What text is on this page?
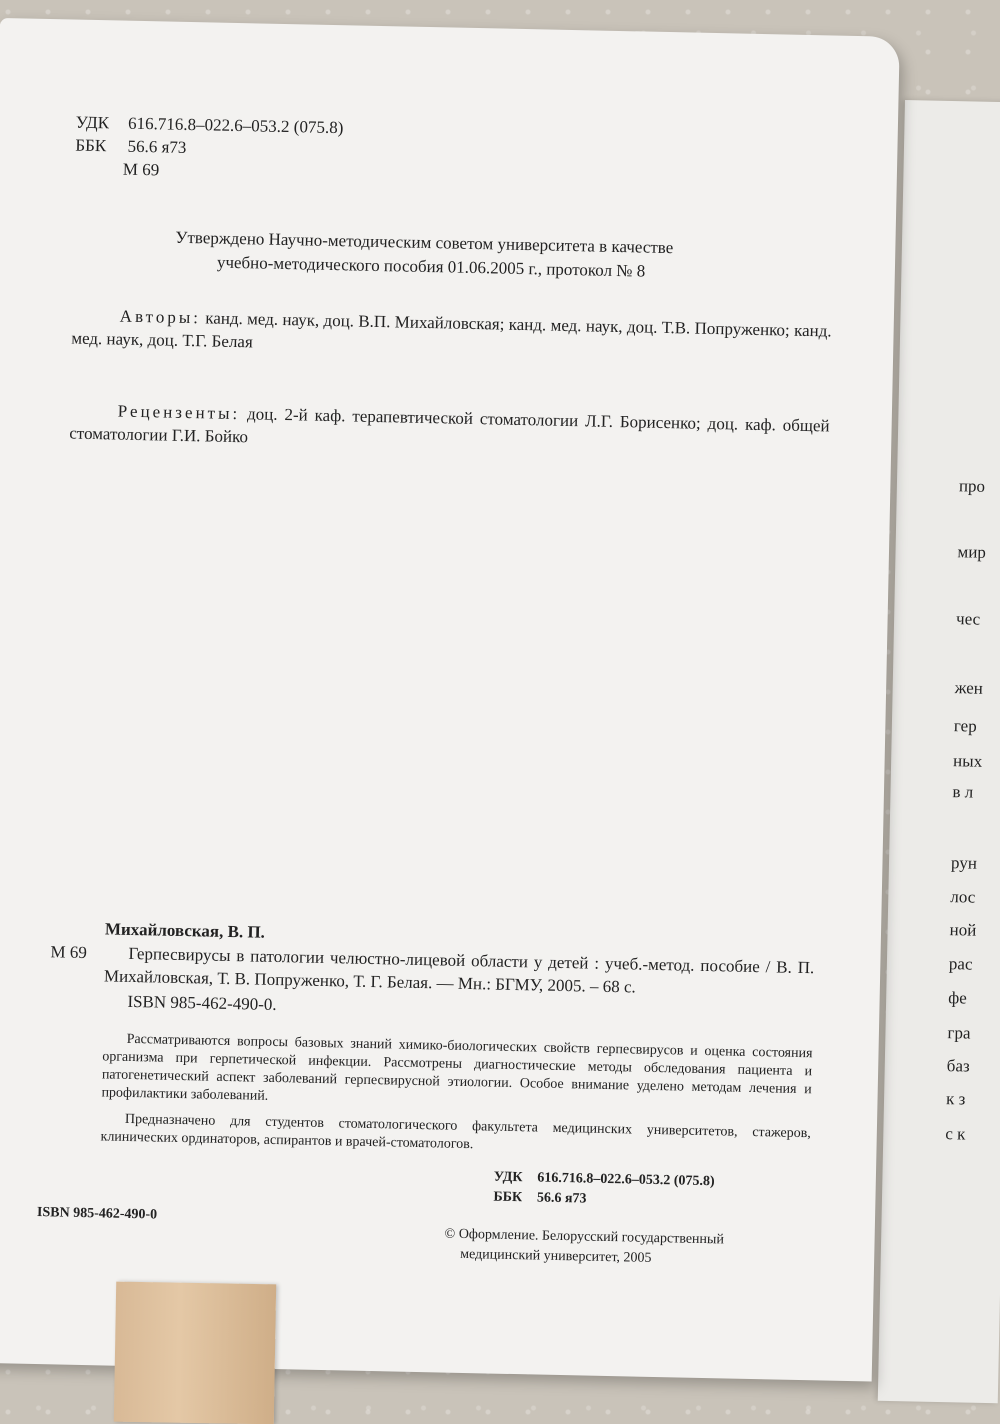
про
мир
чес
жен
гер
ных
в л
рун
лос
ной
рас
фе
гра
баз
к з
с к
УДК 616.716.8–022.6–053.2 (075.8)
ББК 56.6 я73
М 69
Утверждено Научно-методическим советом университета в качестве
учебно-методического пособия 01.06.2005 г., протокол № 8
Авторы: канд. мед. наук, доц. В.П. Михайловская; канд. мед. наук, доц. Т.В. Попруженко; канд. мед. наук, доц. Т.Г. Белая
Рецензенты: доц. 2-й каф. терапевтической стоматологии Л.Г. Борисенко; доц. каф. общей стоматологии Г.И. Бойко
Михайловская, В. П.
М 69	Герпесвирусы в патологии челюстно-лицевой области у детей : учеб.-метод. пособие / В. П. Михайловская, Т. В. Попруженко, Т. Г. Белая. — Мн.: БГМУ, 2005. – 68 с.
ISBN 985-462-490-0.
Рассматриваются вопросы базовых знаний химико-биологических свойств герпесвирусов и оценка состояния организма при герпетической инфекции. Рассмотрены диагностические методы обследования пациента и патогенетический аспект заболеваний герпесвирусной этиологии. Особое внимание уделено методам лечения и профилактики заболеваний.
Предназначено для студентов стоматологического факультета медицинских университетов, стажеров, клинических ординаторов, аспирантов и врачей-стоматологов.
УДК 616.716.8–022.6–053.2 (075.8)
ББК 56.6 я73
ISBN 985-462-490-0
© Оформление. Белорусский государственный
медицинский университет, 2005
